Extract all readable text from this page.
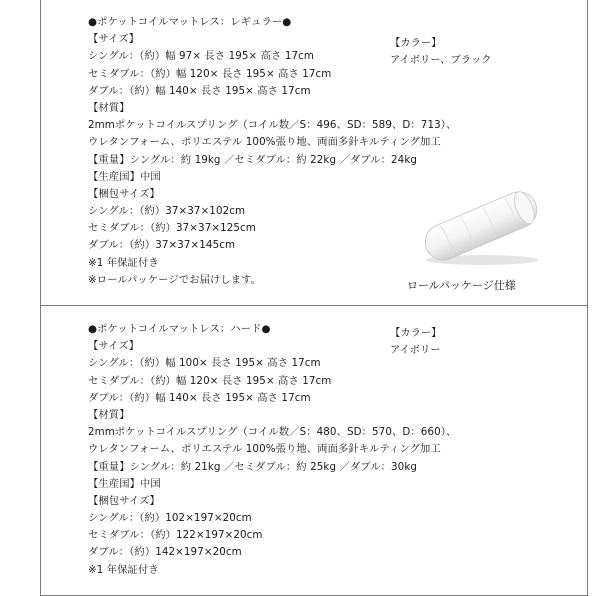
●ポケットコイルマットレス：レギュラー●
【サイズ】
シングル：（約）幅 97× 長さ 195× 高さ 17cm
セミダブル：（約）幅 120× 長さ 195× 高さ 17cm
ダブル：（約）幅 140× 長さ 195× 高さ 17cm
【材質】
2mmポケットコイルスプリング（コイル数／S：496、SD：589、D：713）、
ウレタンフォーム、ポリエステル 100%張り地、両面多針キルティング加工
【重量】シングル：約 19kg ／セミダブル：約 22kg ／ダブル：24kg
【生産国】中国
【梱包サイズ】
シングル：（約）37×37×102cm
セミダブル：（約）37×37×125cm
ダブル：（約）37×37×145cm
※1 年保証付き
※ロールパッケージでお届けします。
【カラー】
アイボリー、ブラック
ロールパッケージ仕様
●ポケットコイルマットレス：ハード●
【サイズ】
シングル：（約）幅 100× 長さ 195× 高さ 17cm
セミダブル：（約）幅 120× 長さ 195× 高さ 17cm
ダブル：（約）幅 140× 長さ 195× 高さ 17cm
【材質】
2mmポケットコイルスプリング（コイル数／S：480、SD：570、D：660）、
ウレタンフォーム、ポリエステル 100%張り地、両面多針キルティング加工
【重量】シングル：約 21kg ／セミダブル：約 25kg ／ダブル：30kg
【生産国】中国
【梱包サイズ】
シングル：（約）102×197×20cm
セミダブル：（約）122×197×20cm
ダブル：（約）142×197×20cm
※1 年保証付き
【カラー】
アイボリー
